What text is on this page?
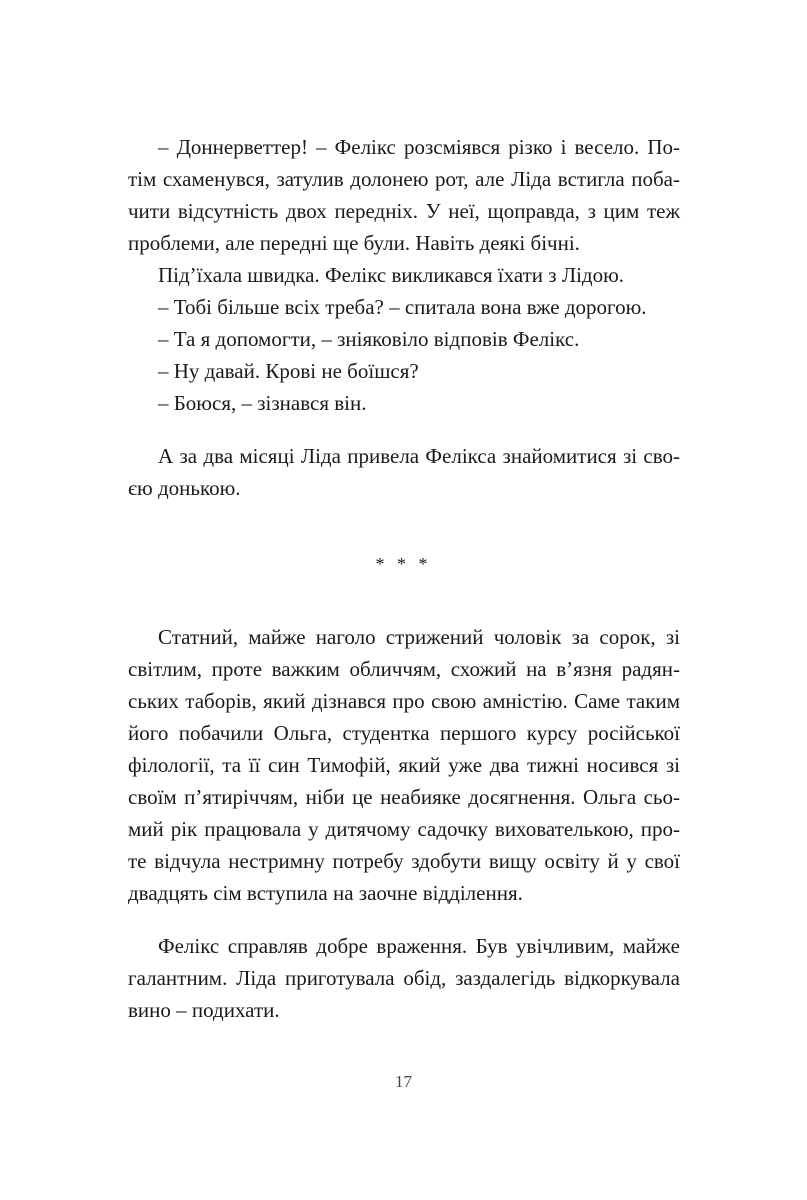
– Доннерветтер! – Фелікс розсміявся різко і весело. По-
тім схаменувся, затулив долонею рот, але Ліда встигла поба-
чити відсутність двох передніх. У неї, щоправда, з цим теж
проблеми, але передні ще були. Навіть деякі бічні.
Під’їхала швидка. Фелікс викликався їхати з Лідою.
– Тобі більше всіх треба? – спитала вона вже дорогою.
– Та я допомогти, – зніяковіло відповів Фелікс.
– Ну давай. Крові не боїшся?
– Боюся, – зізнався він.
А за два місяці Ліда привела Фелікса знайомитися зі сво-
єю донькою.
* * *
Статний, майже наголо стрижений чоловік за сорок, зі
світлим, проте важким обличчям, схожий на в’язня радян-
ських таборів, який дізнався про свою амністію. Саме таким
його побачили Ольга, студентка першого курсу російської
філології, та її син Тимофій, який уже два тижні носився зі
своїм п’ятиріччям, ніби це неабияке досягнення. Ольга сьо-
мий рік працювала у дитячому садочку вихователькою, про-
те відчула нестримну потребу здобути вищу освіту й у свої
двадцять сім вступила на заочне відділення.
Фелікс справляв добре враження. Був увічливим, майже
галантним. Ліда приготувала обід, заздалегідь відкоркувала
вино – подихати.
17
